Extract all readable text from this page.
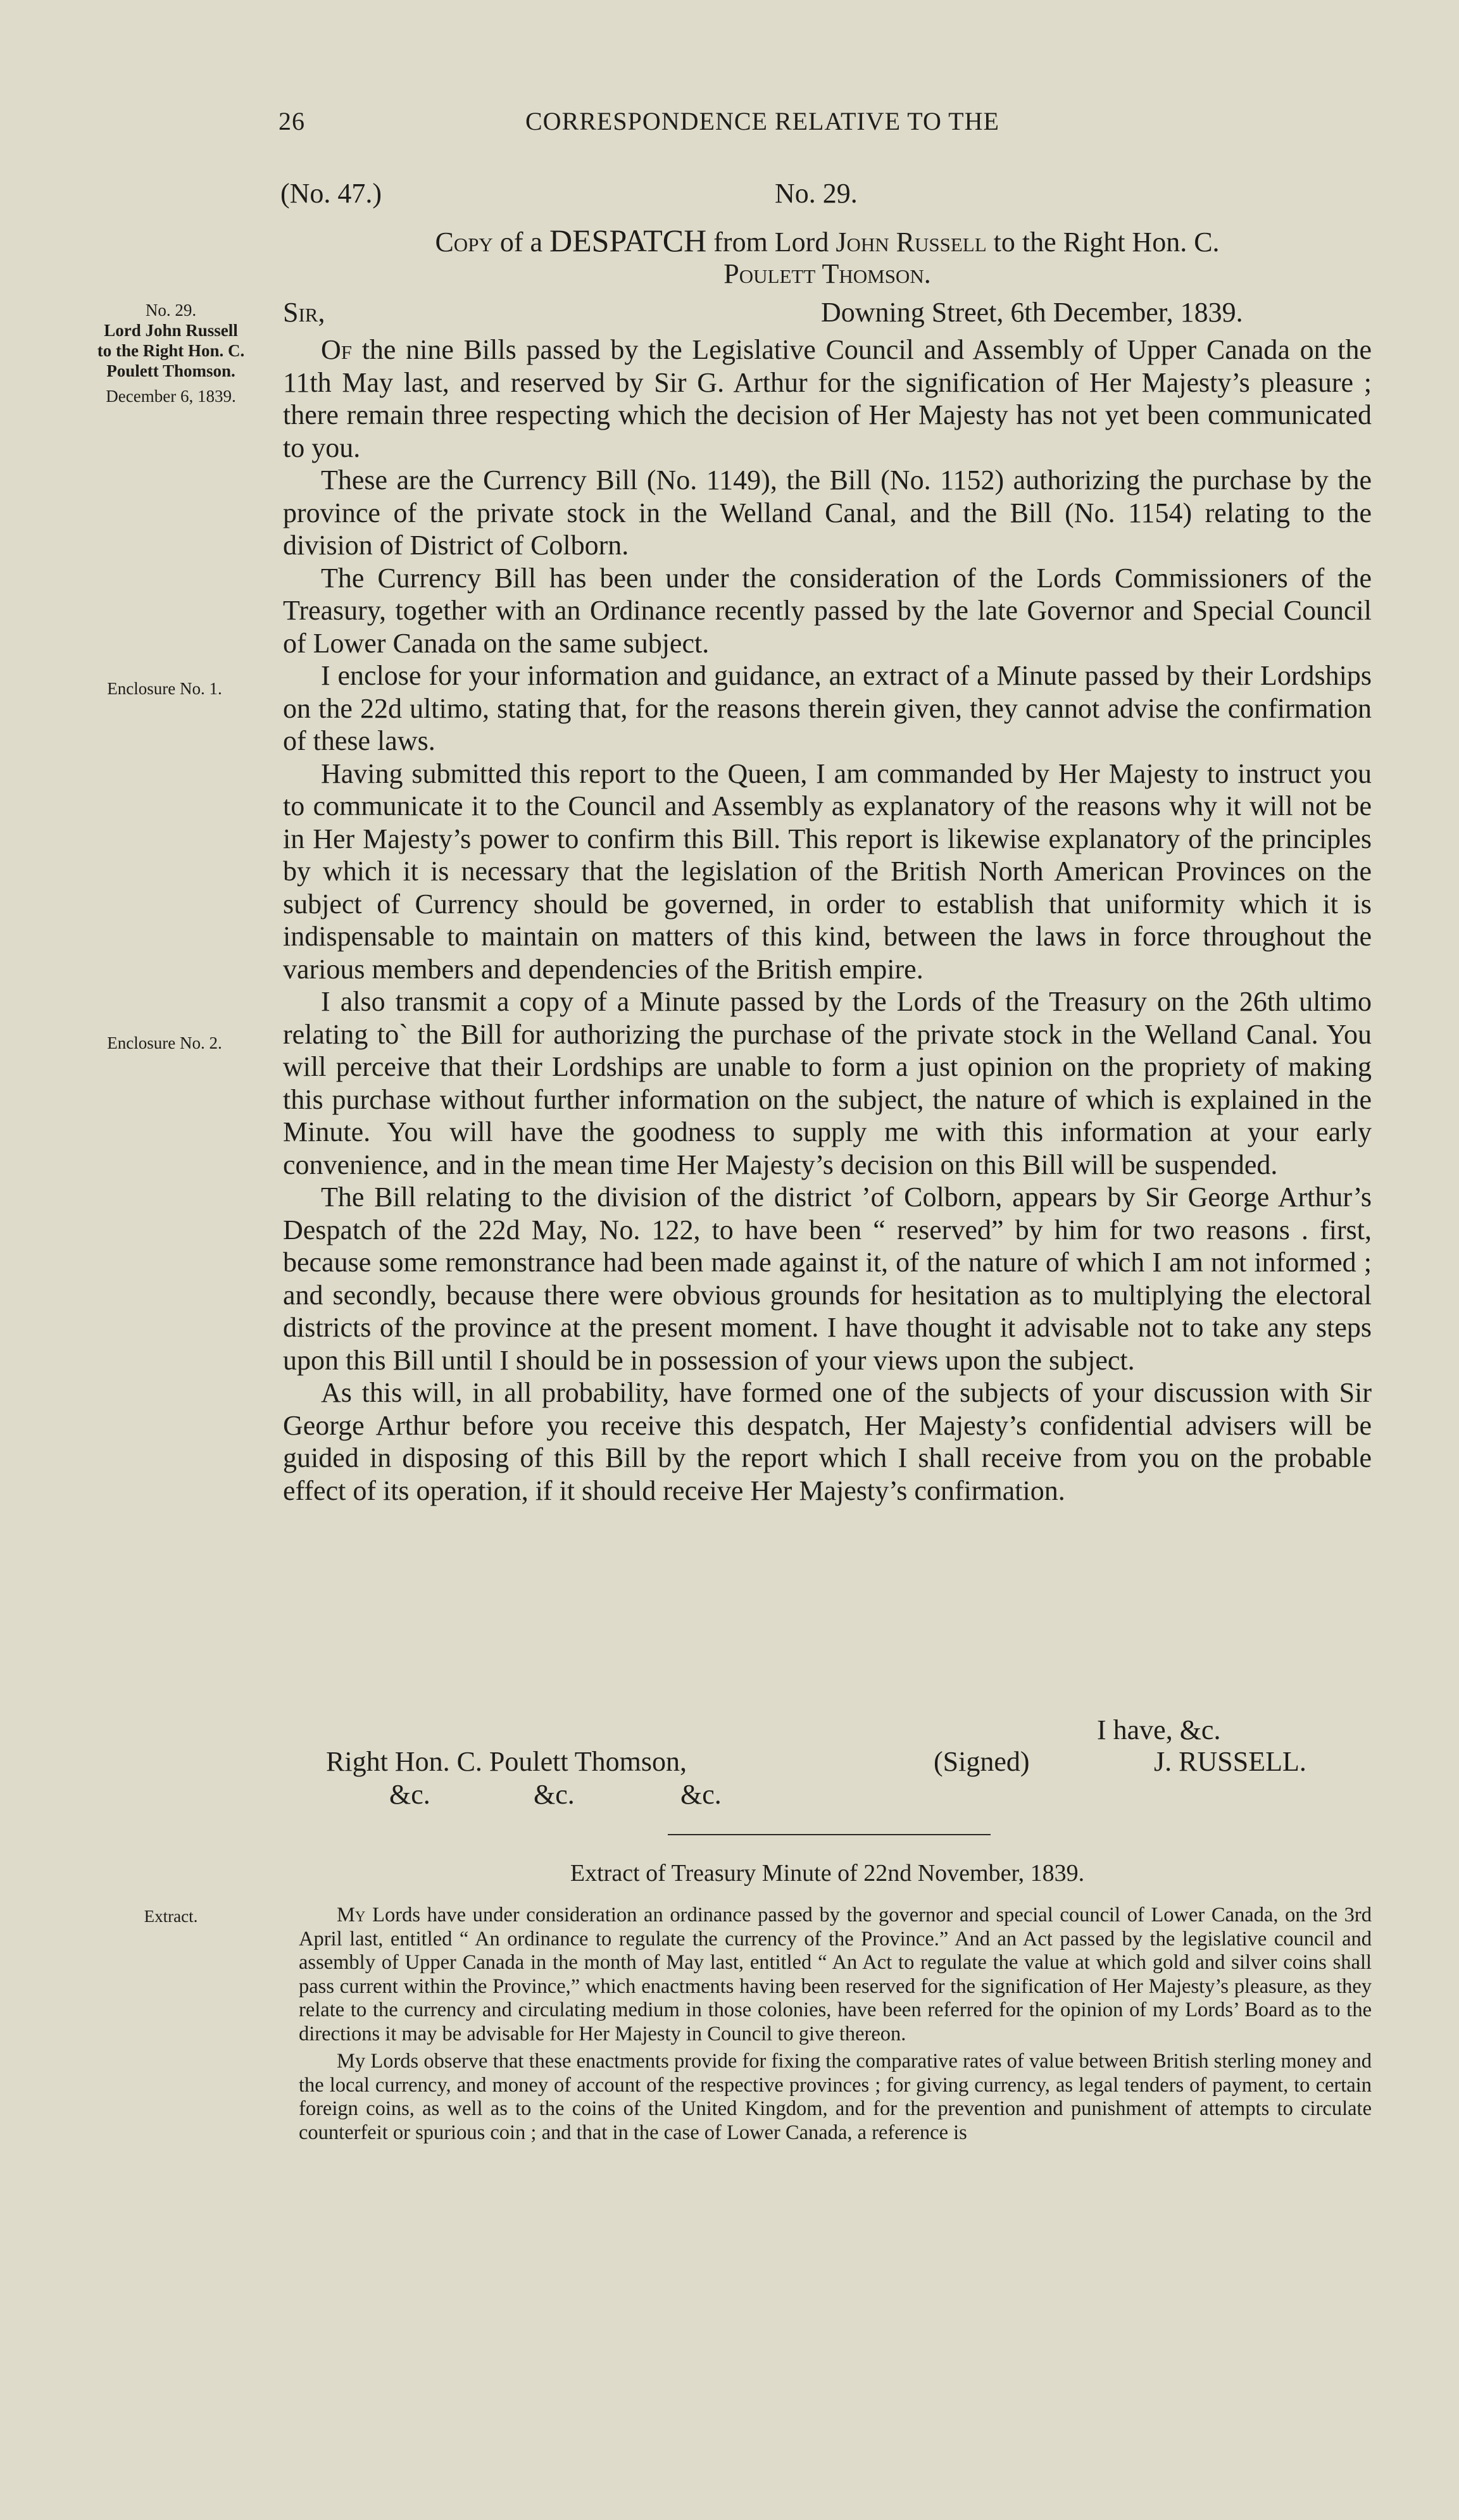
26	CORRESPONDENCE RELATIVE TO THE
(No. 47.)	No. 29.
Copy of a DESPATCH from Lord John Russell to the Right Hon. C.
Poulett Thomson.
Sir,	Downing Street, 6th December, 1839.
No. 29.
Lord John Russell
to the Right Hon. C.
Poulett Thomson.
December 6, 1839.
Enclosure No. 1.
Enclosure No. 2.
Extract.

Of the nine Bills passed by the Legislative Council and Assembly of Upper Canada on the 11th May last, and reserved by Sir G. Arthur for the signification of Her Majesty’s pleasure ; there remain three respecting which the decision of Her Majesty has not yet been communicated to you.

These are the Currency Bill (No. 1149), the Bill (No. 1152) authorizing the purchase by the province of the private stock in the Welland Canal, and the Bill (No. 1154) relating to the division of District of Colborn.

The Currency Bill has been under the consideration of the Lords Commissioners of the Treasury, together with an Ordinance recently passed by the late Governor and Special Council of Lower Canada on the same subject.

I enclose for your information and guidance, an extract of a Minute passed by their Lordships on the 22d ultimo, stating that, for the reasons therein given, they cannot advise the confirmation of these laws.

Having submitted this report to the Queen, I am commanded by Her Majesty to instruct you to communicate it to the Council and Assembly as explanatory of the reasons why it will not be in Her Majesty’s power to confirm this Bill. This report is likewise explanatory of the principles by which it is necessary that the legislation of the British North American Provinces on the subject of Currency should be governed, in order to establish that uniformity which it is indispensable to maintain on matters of this kind, between the laws in force throughout the various members and dependencies of the British empire.

I also transmit a copy of a Minute passed by the Lords of the Treasury on the 26th ultimo relating to` the Bill for authorizing the purchase of the private stock in the Welland Canal. You will perceive that their Lordships are unable to form a just opinion on the propriety of making this purchase without further information on the subject, the nature of which is explained in the Minute. You will have the goodness to supply me with this information at your early convenience, and in the mean time Her Majesty’s decision on this Bill will be suspended.

The Bill relating to the division of the district ’of Colborn, appears by Sir George Arthur’s Despatch of the 22d May, No. 122, to have been “ reserved” by him for two reasons . first, because some remonstrance had been made against it, of the nature of which I am not informed ; and secondly, because there were obvious grounds for hesitation as to multiplying the electoral districts of the province at the present moment. I have thought it advisable not to take any steps upon this Bill until I should be in possession of your views upon the subject.

As this will, in all probability, have formed one of the subjects of your discussion with Sir George Arthur before you receive this despatch, Her Majesty’s confidential advisers will be guided in disposing of this Bill by the report which I shall receive from you on the probable effect of its operation, if it should receive Her Majesty’s confirmation.

I have, &c.
Right Hon. C. Poulett Thomson,	(Signed)	J. RUSSELL.
&c.	&c.	&c.
Extract of Treasury Minute of 22nd November, 1839.

My Lords have under consideration an ordinance passed by the governor and special council of Lower Canada, on the 3rd April last, entitled “ An ordinance to regulate the currency of the Province.” And an Act passed by the legislative council and assembly of Upper Canada in the month of May last, entitled “ An Act to regulate the value at which gold and silver coins shall pass current within the Province,” which enactments having been reserved for the signification of Her Majesty’s pleasure, as they relate to the currency and circulating medium in those colonies, have been referred for the opinion of my Lords’ Board as to the directions it may be advisable for Her Majesty in Council to give thereon.

My Lords observe that these enactments provide for fixing the comparative rates of value between British sterling money and the local currency, and money of account of the respective provinces ; for giving currency, as legal tenders of payment, to certain foreign coins, as well as to the coins of the United Kingdom, and for the prevention and punishment of attempts to circulate counterfeit or spurious coin ; and that in the case of Lower Canada, a reference is
